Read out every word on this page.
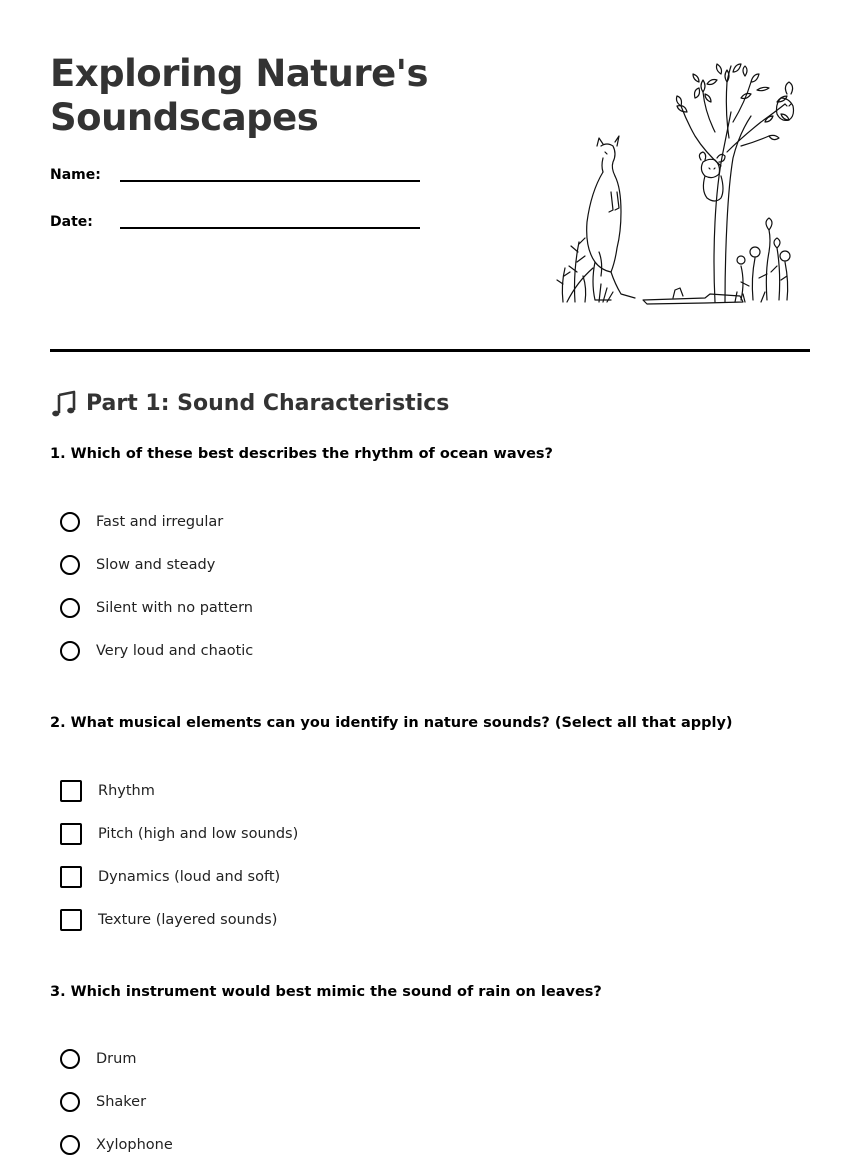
Exploring Nature's
Soundscapes
Name:
Date:
Part 1: Sound Characteristics

1. Which of these best describes the rhythm of ocean waves?

Fast and irregular
Slow and steady
Silent with no pattern
Very loud and chaotic

2. What musical elements can you identify in nature sounds? (Select all that apply)

Rhythm
Pitch (high and low sounds)
Dynamics (loud and soft)
Texture (layered sounds)

3. Which instrument would best mimic the sound of rain on leaves?

Drum
Shaker
Xylophone
